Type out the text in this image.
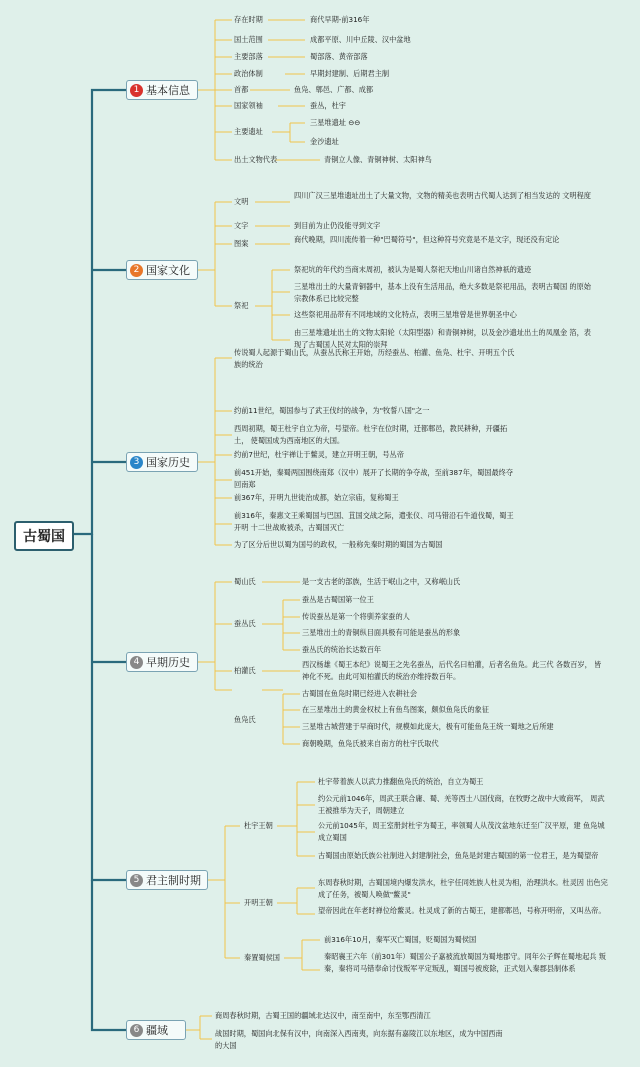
古蜀国
1 基本信息
2 国家文化
3 国家历史
4 早期历史
5 君主制时期
6 疆域
存在时期	商代早期-前316年
国土范围	成都平原、川中丘陵、汉中盆地
主要部落	蜀部落、黄帝部落
政治体制	早期封建制、后期君主制
首都	鱼凫、郫邑、广都、成都
国家领袖	蚕丛，杜宇
主要遗址
三星堆遗址 ⊖⊖
金沙遗址
出土文物代表	青铜立人像、青铜神树、太阳神鸟
文明
四川广汉三星堆遗址出土了大量文物，文物的精美也表明古代蜀人达到了相当发达的 文明程度
文字	到目前为止仍没能寻到文字
图案	商代晚期，四川流传着一种"巴蜀符号"，但这种符号究竟是不是文字，现还没有定论
祭祀
祭祀坑的年代约当商末周初，被认为是蜀人祭祀天地山川诸自然神祇的遗迹
三星堆出土的大量青铜器中，基本上没有生活用品，绝大多数是祭祀用品，表明古蜀国 的原始宗教体系已比较完整
这些祭祀用品带有不同地域的文化特点，表明三星堆曾是世界朝圣中心
由三星堆遗址出土的文物太阳轮（太阳型器）和青铜神树，以及金沙遗址出土的凤凰金 箔，表现了古蜀国人民对太阳的崇拜
传说蜀人起源于蜀山氏，从蚕丛氏称王开始，历经蚕丛、柏灌、鱼凫、杜宇、开明五个氏 族的统治
约前11世纪，蜀国参与了武王伐纣的战争，为"牧誓八国"之一
西周初期，蜀王杜宇自立为帝，号望帝。杜宇在位时期，迁都郫邑，教民耕种，开疆拓土， 使蜀国成为西南地区的大国。
约前7世纪，杜宇禅让于鳖灵，建立开明王朝，号丛帝
前451开始，秦蜀两国围绕南郑（汉中）展开了长期的争夺战，至前387年，蜀国最终夺回南郑
前367年，开明九世徙治成都，始立宗庙，复称蜀王
前316年，秦惠文王乘蜀国与巴国、苴国交战之际，遣张仪、司马错沿石牛道伐蜀，蜀王开明 十二世战败被杀，古蜀国灭亡
为了区分后世以蜀为国号的政权，一般称先秦时期的蜀国为古蜀国
蜀山氏	是一支古老的部族，生活于岷山之中，又称岷山氏
蚕丛氏
蚕丛是古蜀国第一位王
传说蚕丛是第一个将驯养家蚕的人
三星堆出土的青铜纵目面具极有可能是蚕丛的形象
蚕丛氏的统治长达数百年
柏灌氏
西汉杨雄《蜀王本纪》说蜀王之先名蚕丛，后代名曰柏灌，后者名鱼凫。此三代 各数百岁， 皆神化不死。由此可知柏灌氏的统治亦维持数百年。
鱼凫氏
古蜀国在鱼凫时期已经进入农耕社会
在三星堆出土的黄金权杖上有鱼鸟图案，颇似鱼凫氏的象征
三星堆古城营建于早商时代，规模如此庞大，极有可能鱼凫王统一蜀地之后所建
商朝晚期，鱼凫氏被来自南方的杜宇氏取代
杜宇王朝
杜宇带着族人以武力推翻鱼凫氏的统治，自立为蜀王
约公元前1046年，周武王联合庸、蜀、羌等西土八国伐商，在牧野之战中大败商军， 周武王被推举为天子，周朝建立
公元前1045年，周王室册封杜宇为蜀王，率领蜀人从茂汶盆地东迁至广汉平原，建 鱼凫城成立蜀国
古蜀国由原始氏族公社制进入封建制社会，鱼凫是封建古蜀国的第一位君王，是为蜀望帝
开明王朝
东周春秋时期，古蜀国境内爆发洪水，杜宇任同姓族人杜灵为相，治理洪水。杜灵因 出色完成了任务，被蜀人唤做"鳖灵"
望帝因此在年老时禅位给鳖灵。杜灵成了新的古蜀王，建都郫邑，号称开明帝，又叫丛帝。
秦置蜀侯国
前316年10月，秦军灭亡蜀国，贬蜀国为蜀侯国
秦昭襄王六年（前301年）蜀国公子嘉被流放蜀国为蜀地郡守。同年公子辉在蜀地起兵 叛秦，秦将司马错奉命讨伐叛军平定叛乱，蜀国号被废除，正式划入秦郡县制体系
商周春秋时期，古蜀王国的疆域北达汉中，南至南中，东至鄂西清江
战国时期，蜀国向北保有汉中，向南深入西南夷，向东据有嘉陵江以东地区，成为中国西南的大国
